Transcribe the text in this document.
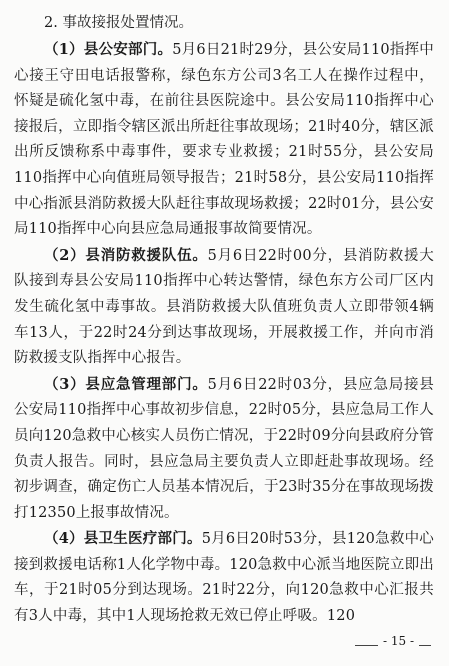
2. 事故接报处置情况。

（1）县公安部门。5月6日21时29分，县公安局110指挥中心接王守田电话报警称，绿色东方公司3名工人在操作过程中，怀疑是硫化氢中毒，在前往县医院途中。县公安局110指挥中心接报后，立即指令辖区派出所赶往事故现场；21时40分，辖区派出所反馈称系中毒事件，要求专业救援；21时55分，县公安局110指挥中心向值班局领导报告；21时58分，县公安局110指挥中心指派县消防救援大队赶往事故现场救援；22时01分，县公安局110指挥中心向县应急局通报事故简要情况。

（2）县消防救援队伍。5月6日22时00分，县消防救援大队接到寿县公安局110指挥中心转达警情，绿色东方公司厂区内发生硫化氢中毒事故。县消防救援大队值班负责人立即带领4辆车13人，于22时24分到达事故现场，开展救援工作，并向市消防救援支队指挥中心报告。

（3）县应急管理部门。5月6日22时03分，县应急局接县公安局110指挥中心事故初步信息，22时05分，县应急局工作人员向120急救中心核实人员伤亡情况，于22时09分向县政府分管负责人报告。同时，县应急局主要负责人立即赶赴事故现场。经初步调查，确定伤亡人员基本情况后，于23时35分在事故现场拨打12350上报事故情况。

（4）县卫生医疗部门。5月6日20时53分，县120急救中心接到救援电话称1人化学物中毒。120急救中心派当地医院立即出车，于21时05分到达现场。21时22分，向120急救中心汇报共有3人中毒，其中1人现场抢救无效已停止呼吸。120

- 15 -
